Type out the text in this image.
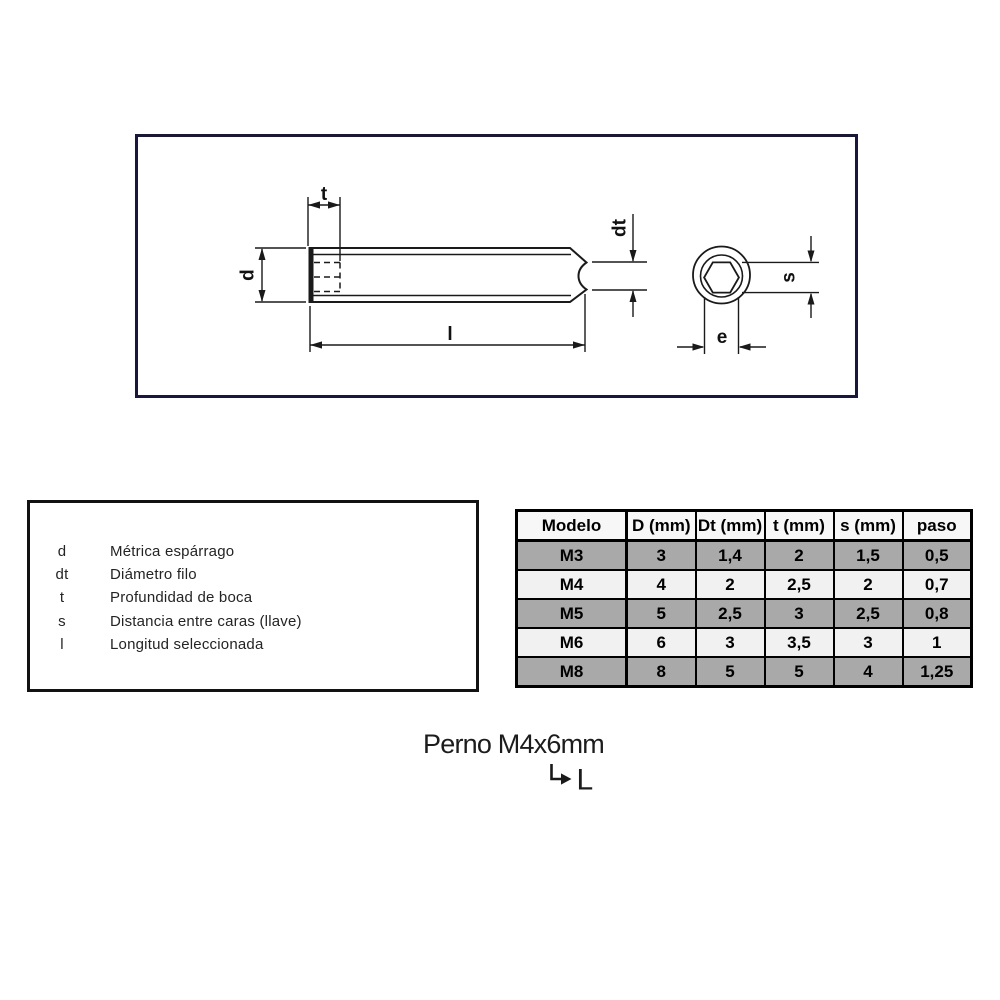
t
d
l
dt
s
e
d	Métrica espárrago
dt	Diámetro filo
t	Profundidad de boca
s	Distancia entre caras (llave)
l	Longitud seleccionada
Modelo	D (mm)	Dt (mm)	t (mm)	s (mm)	paso
M3	3	1,4	2	1,5	0,5
M4	4	2	2,5	2	0,7
M5	5	2,5	3	2,5	0,8
M6	6	3	3,5	3	1
M8	8	5	5	4	1,25
Perno M4x6mm
L
